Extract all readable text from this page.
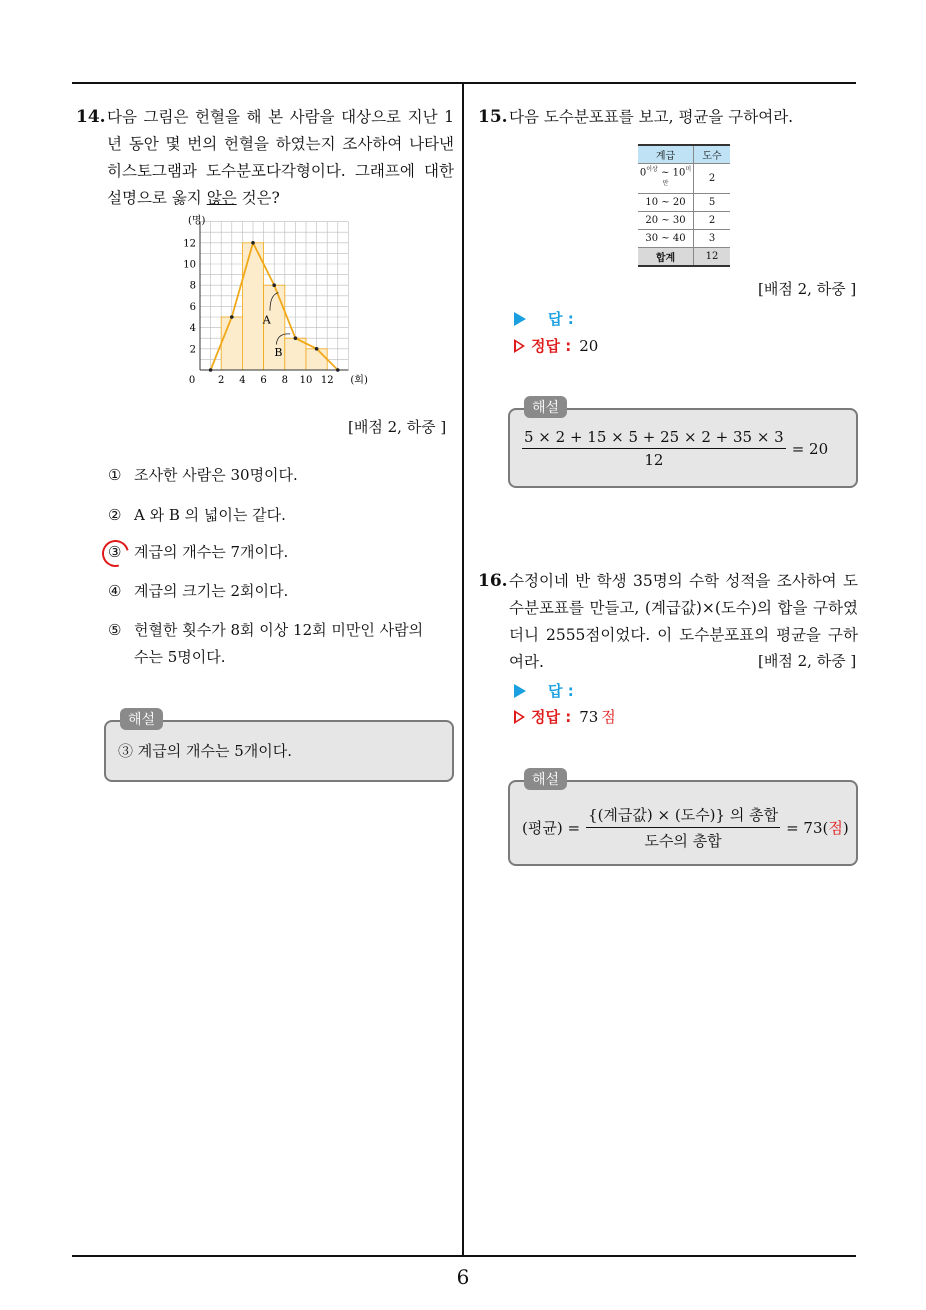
6
14. 다음 그림은 헌혈을 해 본 사람을 대상으로 지난 1년 동안 몇 번의 헌혈을 하였는지 조사하여 나타낸 히스토그램과 도수분포다각형이다. 그래프에 대한 설명으로 옳지 않은 것은?
2
4
6
8
10
12
0 2 4 6 8 10 12
(명)
(회)
A
B
[배점 2, 하중 ]
① 조사한 사람은 30명이다.
② A 와 B 의 넓이는 같다.
③ 계급의 개수는 7개이다.
④ 계급의 크기는 2회이다.
⑤ 헌혈한 횟수가 8회 이상 12회 미만인 사람의 수는 5명이다.
해설
③ 계급의 개수는 5개이다.
15. 다음 도수분포표를 보고, 평균을 구하여라.
계급	도수
$0^{이상}$ ~ $10^{미만}$	2
10 ~ 20	5
20 ~ 30	2
30 ~ 40	3
합계	12
[배점 2, 하중 ]
답 :
정답 : 20
해설
$\frac{5 \times 2 + 15 \times 5 + 25 \times 2 + 35 \times 3}{12} = 20$
16. 수정이네 반 학생 35명의 수학 성적을 조사하여 도수분포표를 만들고, (계급값)×(도수)의 합을 구하였더니 2555점이었다. 이 도수분포표의 평균을 구하여라.	[배점 2, 하중 ]
답 :
정답 : 73 점
해설
(평균) = $\frac{\text{\{(계급값) × (도수)\} 의 총합}}{\text{도수의 총합}} = 73$( 점 )
